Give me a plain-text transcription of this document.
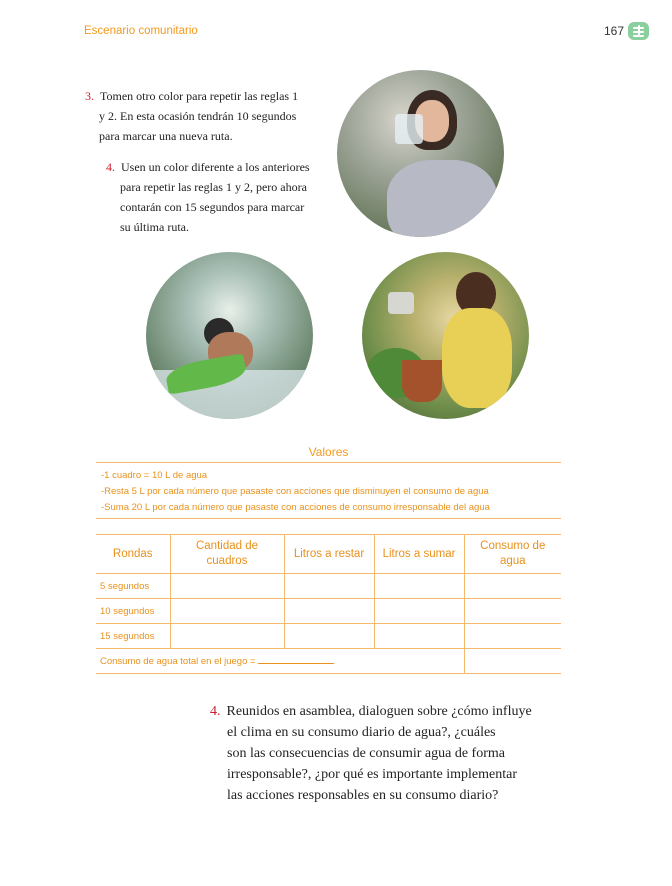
Escenario comunitario	167
3. Tomen otro color para repetir las reglas 1
y 2. En esta ocasión tendrán 10 segundos
para marcar una nueva ruta.
4. Usen un color diferente a los anteriores
para repetir las reglas 1 y 2, pero ahora
contarán con 15 segundos para marcar
su última ruta.
Valores
-1 cuadro = 10 L de agua
-Resta 5 L por cada número que pasaste con acciones que disminuyen el consumo de agua
-Suma 20 L por cada número que pasaste con acciones de consumo irresponsable del agua
Rondas	Cantidad de cuadros	Litros a restar	Litros a sumar	Consumo de agua
5 segundos				
10 segundos				
15 segundos				
Consumo de agua total en el juego =				
4. Reunidos en asamblea, dialoguen sobre ¿cómo influye
el clima en su consumo diario de agua?, ¿cuáles
son las consecuencias de consumir agua de forma
irresponsable?, ¿por qué es importante implementar
las acciones responsables en su consumo diario?
